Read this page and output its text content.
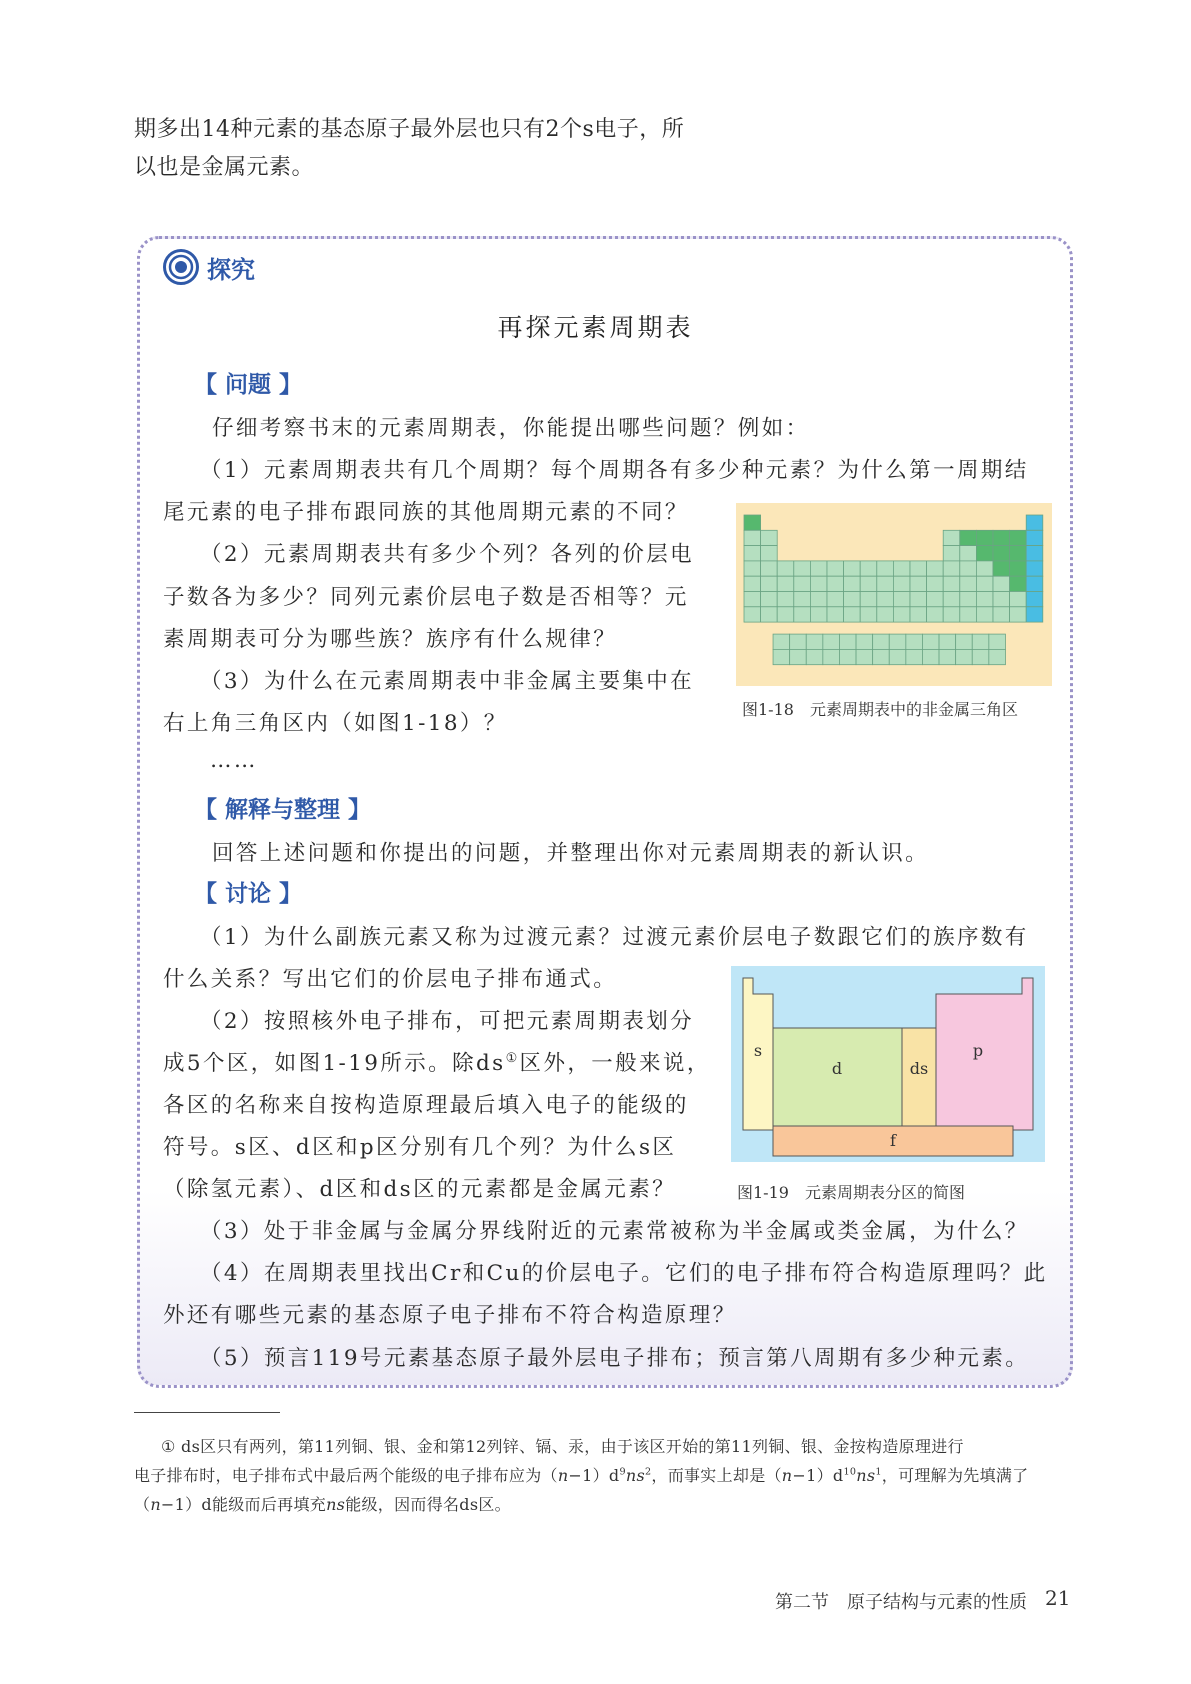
期多出14种元素的基态原子最外层也只有2个s电子，所
以也是金属元素。
探究
再探元素周期表
【 问题 】
仔细考察书末的元素周期表，你能提出哪些问题？例如：
（1）元素周期表共有几个周期？每个周期各有多少种元素？为什么第一周期结
尾元素的电子排布跟同族的其他周期元素的不同？
（2）元素周期表共有多少个列？各列的价层电
子数各为多少？同列元素价层电子数是否相等？元
素周期表可分为哪些族？族序有什么规律？
（3）为什么在元素周期表中非金属主要集中在
右上角三角区内（如图1-18）？
……
图1-18　元素周期表中的非金属三角区
【 解释与整理 】
回答上述问题和你提出的问题，并整理出你对元素周期表的新认识。
【 讨论 】
（1）为什么副族元素又称为过渡元素？过渡元素价层电子数跟它们的族序数有
什么关系？写出它们的价层电子排布通式。
（2）按照核外电子排布，可把元素周期表划分
成5个区，如图1-19所示。除ds①区外，一般来说，
各区的名称来自按构造原理最后填入电子的能级的
符号。s区、d区和p区分别有几个列？为什么s区
（除氢元素）、d区和ds区的元素都是金属元素？
（3）处于非金属与金属分界线附近的元素常被称为半金属或类金属，为什么？
（4）在周期表里找出Cr和Cu的价层电子。它们的电子排布符合构造原理吗？此
外还有哪些元素的基态原子电子排布不符合构造原理？
（5）预言119号元素基态原子最外层电子排布；预言第八周期有多少种元素。
s
d	ds
p
f
图1-19　元素周期表分区的简图
① ds区只有两列，第11列铜、银、金和第12列锌、镉、汞，由于该区开始的第11列铜、银、金按构造原理进行
电子排布时，电子排布式中最后两个能级的电子排布应为$(n-1)d^9ns^2$，而事实上却是$(n-1)d^{10}ns^1$，可理解为先填满了
（n−1）d能级而后再填充ns能级，因而得名ds区。
第二节　原子结构与元素的性质 21
